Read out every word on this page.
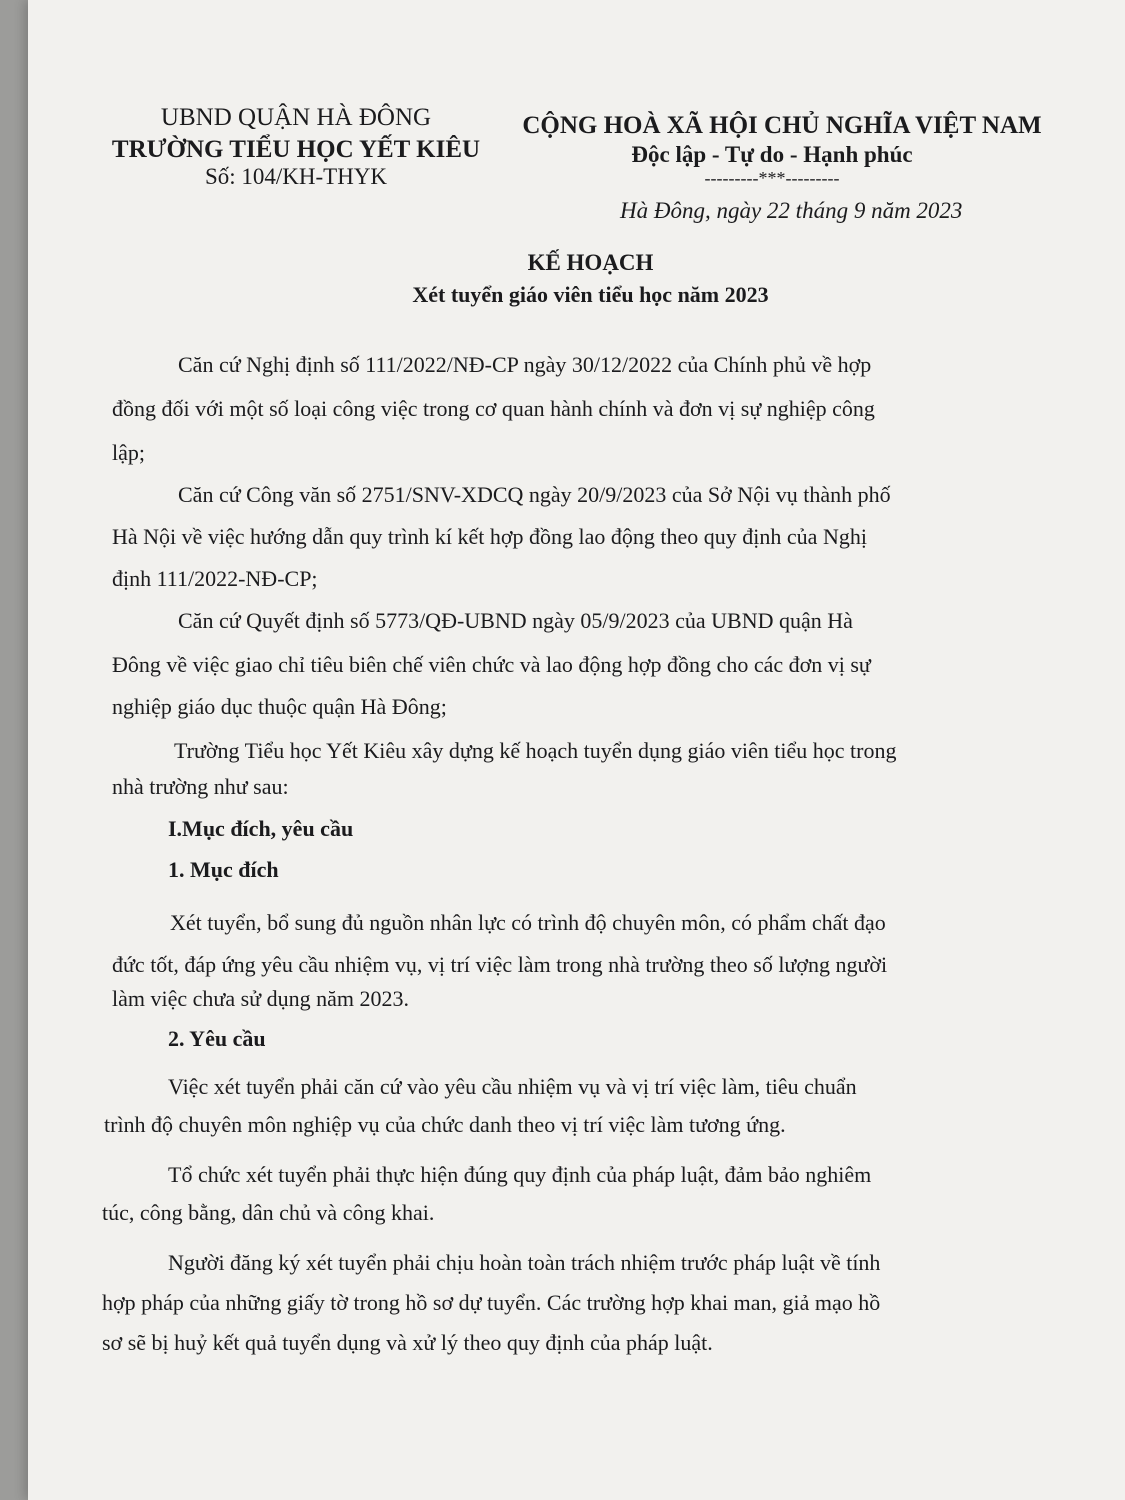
UBND QUẬN HÀ ĐÔNG
TRƯỜNG TIỂU HỌC YẾT KIÊU
Số: 104/KH-THYK
CỘNG HOÀ XÃ HỘI CHỦ NGHĨA VIỆT NAM
Độc lập - Tự do - Hạnh phúc
---------***---------
Hà Đông, ngày 22 tháng 9 năm 2023
KẾ HOẠCH
Xét tuyển giáo viên tiểu học năm 2023
Căn cứ Nghị định số 111/2022/NĐ-CP ngày 30/12/2022 của Chính phủ về hợp
đồng đối với một số loại công việc trong cơ quan hành chính và đơn vị sự nghiệp công
lập;
Căn cứ Công văn số 2751/SNV-XDCQ ngày 20/9/2023 của Sở Nội vụ thành phố
Hà Nội về việc hướng dẫn quy trình kí kết hợp đồng lao động theo quy định của Nghị
định 111/2022-NĐ-CP;
Căn cứ Quyết định số 5773/QĐ-UBND ngày 05/9/2023 của UBND quận Hà
Đông về việc giao chỉ tiêu biên chế viên chức và lao động hợp đồng cho các đơn vị sự
nghiệp giáo dục thuộc quận Hà Đông;
Trường Tiểu học Yết Kiêu xây dựng kế hoạch tuyển dụng giáo viên tiểu học trong
nhà trường như sau:
I.Mục đích, yêu cầu
1. Mục đích
Xét tuyển, bổ sung đủ nguồn nhân lực có trình độ chuyên môn, có phẩm chất đạo
đức tốt, đáp ứng yêu cầu nhiệm vụ, vị trí việc làm trong nhà trường theo số lượng người
làm việc chưa sử dụng năm 2023.
2. Yêu cầu
Việc xét tuyển phải căn cứ vào yêu cầu nhiệm vụ và vị trí việc làm, tiêu chuẩn
trình độ chuyên môn nghiệp vụ của chức danh theo vị trí việc làm tương ứng.
Tổ chức xét tuyển phải thực hiện đúng quy định của pháp luật, đảm bảo nghiêm
túc, công bằng, dân chủ và công khai.
Người đăng ký xét tuyển phải chịu hoàn toàn trách nhiệm trước pháp luật về tính
hợp pháp của những giấy tờ trong hồ sơ dự tuyển. Các trường hợp khai man, giả mạo hồ
sơ sẽ bị huỷ kết quả tuyển dụng và xử lý theo quy định của pháp luật.
